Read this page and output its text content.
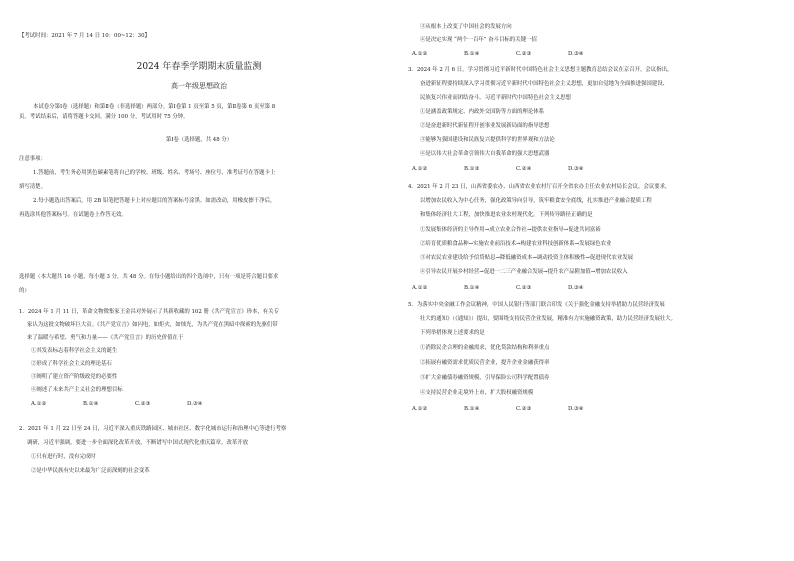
【考试时间：2021 年 7 月 14 日 10：00~12：30】
2024 年春季学期期末质量监测
高一年级思想政治
本试卷分第Ⅰ卷（选择题）和第Ⅱ卷（非选择题）两部分。第Ⅰ卷第 1 页至第 5 页，第Ⅱ卷第 6 页至第 8
页。考试结束后，请将答题卡交回。满分 100 分，考试用时 75 分钟。
第Ⅰ卷（选择题，共 48 分）
注意事项：
1.答题前，考生务必用黑色碳素笔将自己的学校、班级、姓名、考场号、座位号、准考证号在答题卡上
填写清楚。
2.每小题选出答案后，用 2B 铅笔把答题卡上对应题目的答案标号涂黑。如需改动，用橡皮擦干净后，
再选涂其他答案标号。在试题卷上作答无效。
选择题（本大题共 16 小题，每小题 3 分，共 48 分。在每小题给出的四个选项中，只有一项是符合题目要求
的）
1．2024 年 1 月 11 日，革命文物徵集家王金昌对外展示了其新收藏的 102 册《共产党宣言》珍本，有关专
家认为这批文物破坏巨大贡。《共产党宣言》如闪电，如炬火，如烛光，为共产党在黑暗中探索的先驱们带
来了温暖与希望、勇气和力量——《共产党宣言》的历史价值在于
①其发表标志着科学社会主义的诞生
②形成了科学社会主义的理论基石
③阐明了建立资产阶级政党的必要性
④阐述了未来共产主义社会的理想目标
A.①②	B.①④	C.②③	D.③④
2．2021 年 1 月 22 日至 24 日，习近平深入重庆铁路园区、城市社区、数字化城市运行和治理中心等进行考察
调研，习近平强调，要进一步全面深化改革开放，不断谱写中国式现代化重庆篇章。改革开放
①只有进行时，没有完成时
②是中华民族有史以来最为广泛而深刻的社会变革
③从根本上改变了中国社会的发展方向
④是决定实现 “两个一百年” 奋斗目标的关键一招
A.①②	B.①④	C.②③	D.③④
3．2024 年 2 月 6 日，学习贯彻习近平新时代中国特色社会主义思想主题教育总结会议在京召开。会议指出，
奋进新征程要持续深入学习贯彻习近平新时代中国特色社会主义思想，更加自觉地为全面推进强国建设、
民族复兴伟业而团结奋斗。习近平新时代中国特色社会主义思想
①是涵盖政策规定、内政外交国防等方面的理论体系
②是奋进新时代新征程开创事业发展新局面的指导思想
③能够为强国建设和民族复兴提供科学的世界观和方法论
④是以伟大社会革命引领伟大自我革命的强大思想武器
A.①②	B.①③	C.②④	D.③④
4．2021 年 2 月 23 日，山西省委农办、山西省农业农村厅召开全省农办主任农业农村局长会议。会议要求，
以增加农民收入为中心任务，强化政策导向引导，筑牢粮食安全底线，扎实推进产业融合提质工程
和集体经济壮大工程，加快推进农业农村现代化。下列传导路径正确的是
①发展集体经济的主导作用→成立农业合作社→提供农业指导→促进共同富裕
②培育优质粮食品种→实施农业前沿技术→构建农业科技创新体系→发展绿色农业
③对农民农业建设给予信贷贴息→降低融资成本→调动投资主体积极性→促进现代农业发展
④引导农民开展乡村经营→促进一二三产业融合发展→提升农产品附加值→增加农民收入
A.①②	B.①④	C.②③	D.③④
5．为落实中央金融工作会议精神，中国人民银行等部门联合印发《关于强化金融支持举措助力民营经济发展
壮大的通知》（《通知》）提出，要围绕支持民营企业发展，精准有力实施融资政策，助力民营经济发展壮大。
下列举措体现上述要求的是
①消除民企合理的金融需求，优化贷款结构和利率重点
②拓展有融资需求优质民营企业，提升企业金融获得率
③扩大金融债券融资规模，引导保险公司科学配置债券
④支持民营企业走境外上市，扩大股权融资规模
A.①②	B.①④	C.②③	D.③④
